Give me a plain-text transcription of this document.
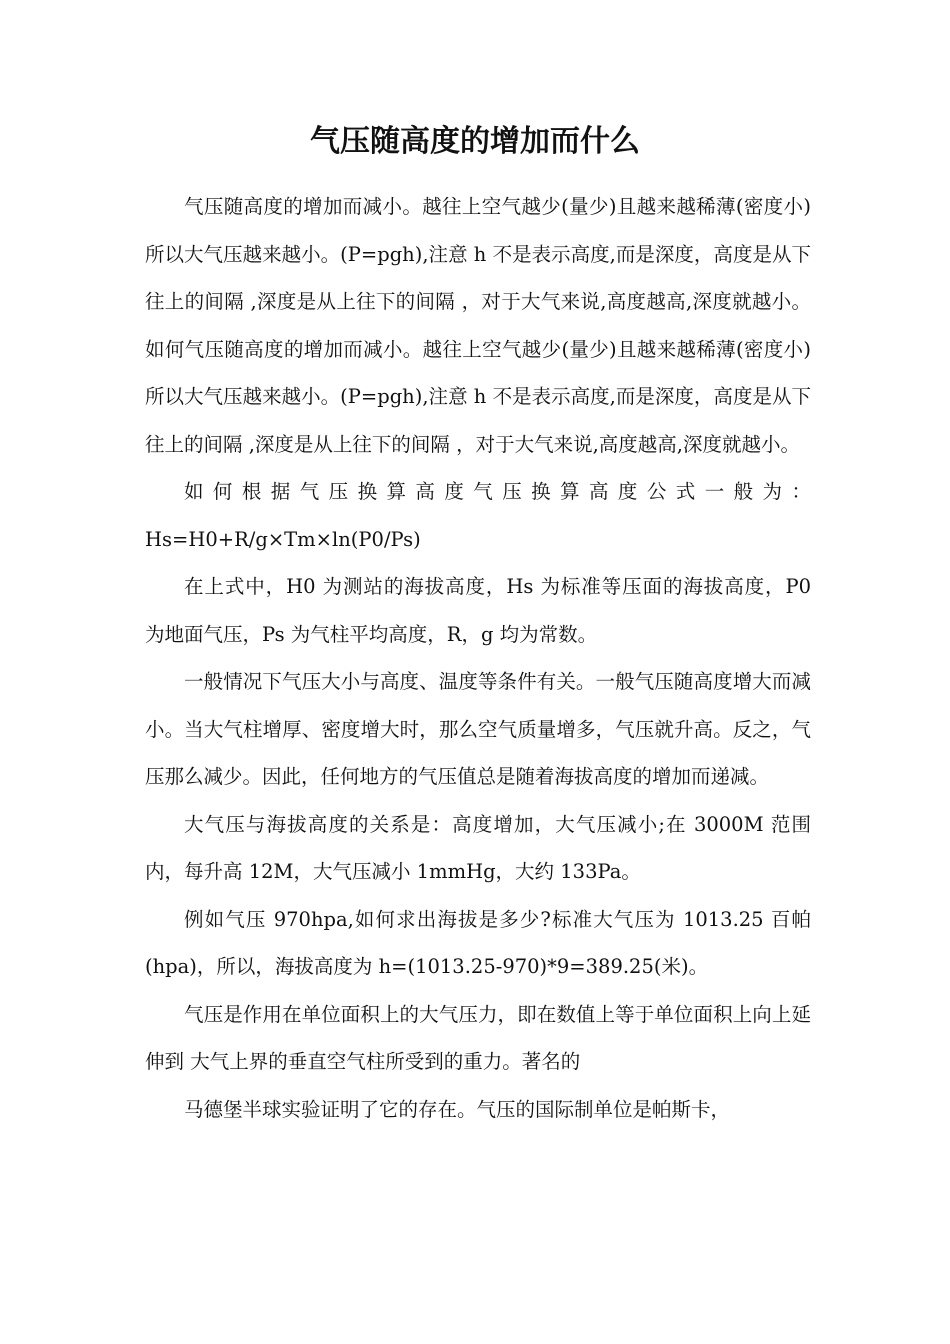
气压随高度的增加而什么

气压随高度的增加而减小。越往上空气越少(量少)且越来越稀薄(密度小)所以大气压越来越小。(P=pgh),注意 h 不是表示高度,而是深度，高度是从下往上的间隔 ,深度是从上往下的间隔 ，对于大气来说,高度越高,深度就越小。如何气压随高度的增加而减小。越往上空气越少(量少)且越来越稀薄(密度小)所以大气压越来越小。(P=pgh),注意 h 不是表示高度,而是深度，高度是从下往上的间隔 ,深度是从上往下的间隔 ，对于大气来说,高度越高,深度就越小。

如何根据气压换算高度气压换算高度公式一般为：Hs=H0+R/g×Tm×ln(P0/Ps)

在上式中，H0 为测站的海拔高度，Hs 为标准等压面的海拔高度，P0 为地面气压，Ps 为气柱平均高度，R，g 均为常数。

一般情况下气压大小与高度、温度等条件有关。一般气压随高度增大而减小。当大气柱增厚、密度增大时，那么空气质量增多，气压就升高。反之，气压那么减少。因此，任何地方的气压值总是随着海拔高度的增加而递减。

大气压与海拔高度的关系是：高度增加，大气压减小;在 3000M 范围内，每升高 12M，大气压减小 1mmHg，大约 133Pa。

例如气压 970hpa,如何求出海拔是多少?标准大气压为 1013.25 百帕(hpa)，所以，海拔高度为 h=(1013.25-970)*9=389.25(米)。

气压是作用在单位面积上的大气压力，即在数值上等于单位面积上向上延伸到 大气上界的垂直空气柱所受到的重力。著名的

马德堡半球实验证明了它的存在。气压的国际制单位是帕斯卡，
